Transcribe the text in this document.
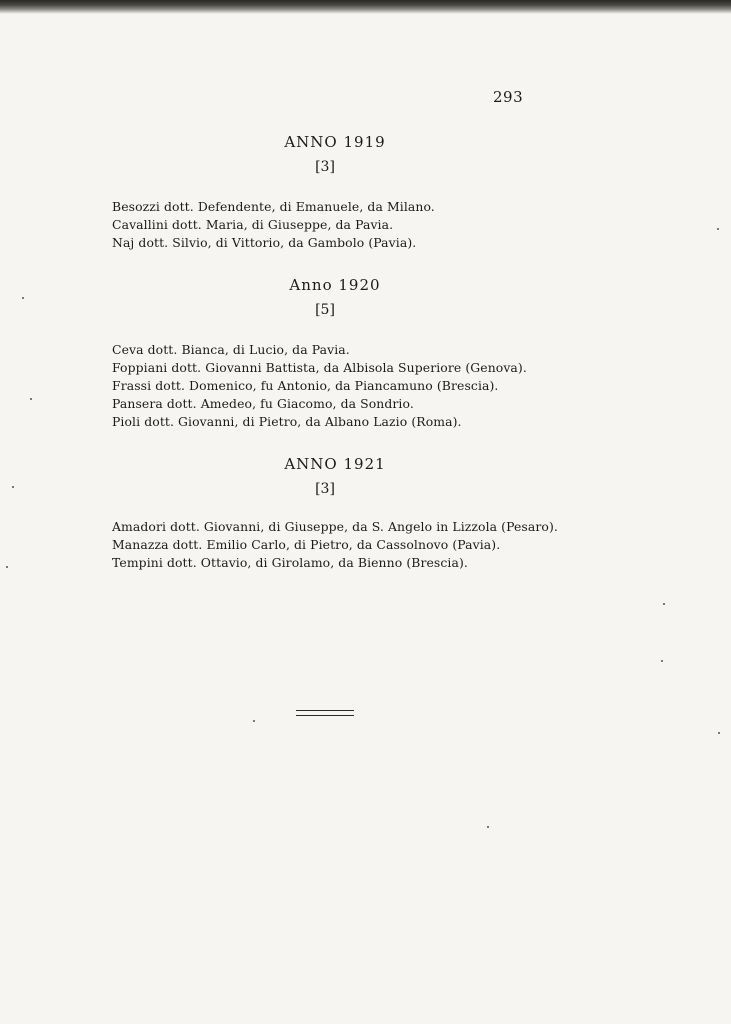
293
ANNO 1919
[3]
Besozzi dott. Defendente, di Emanuele, da Milano.
Cavallini dott. Maria, di Giuseppe, da Pavia.
Naj dott. Silvio, di Vittorio, da Gambolo (Pavia).
Anno 1920
[5]
Ceva dott. Bianca, di Lucio, da Pavia.
Foppiani dott. Giovanni Battista, da Albisola Superiore (Genova).
Frassi dott. Domenico, fu Antonio, da Piancamuno (Brescia).
Pansera dott. Amedeo, fu Giacomo, da Sondrio.
Pioli dott. Giovanni, di Pietro, da Albano Lazio (Roma).
ANNO 1921
[3]
Amadori dott. Giovanni, di Giuseppe, da S. Angelo in Lizzola (Pesaro).
Manazza dott. Emilio Carlo, di Pietro, da Cassolnovo (Pavia).
Tempini dott. Ottavio, di Girolamo, da Bienno (Brescia).
